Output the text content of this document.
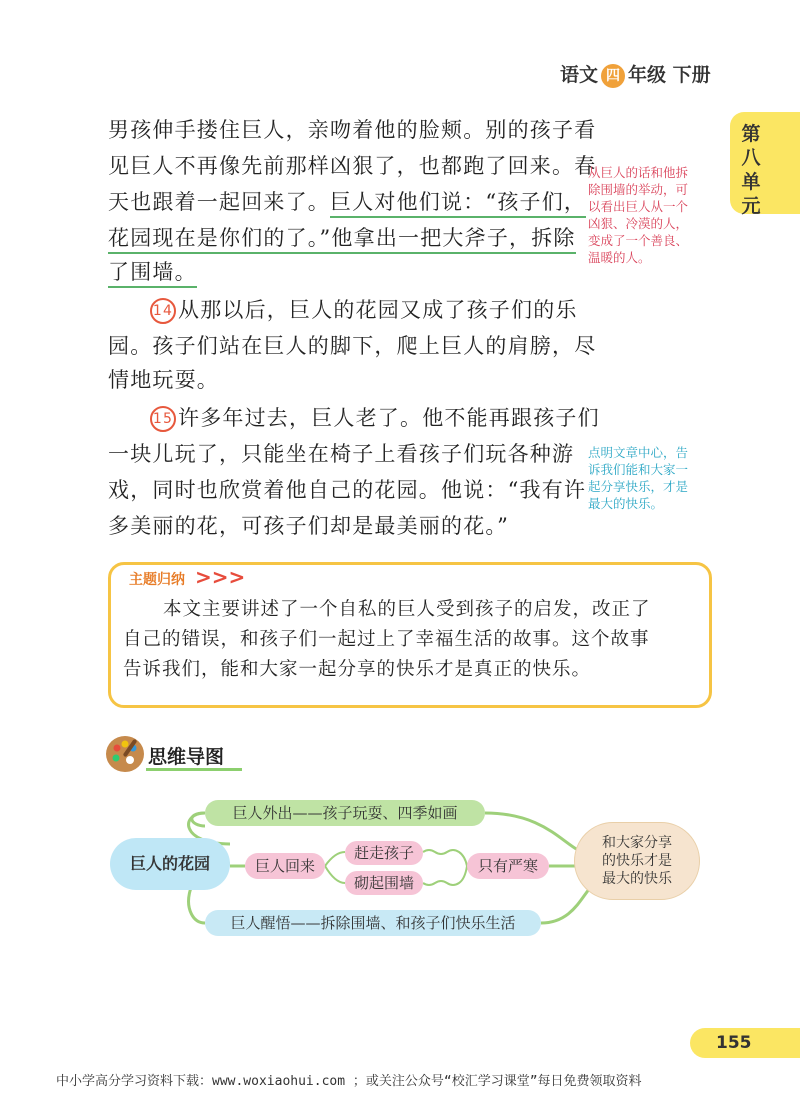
语文 四 年级 下册
第八单元
男孩伸手搂住巨人，亲吻着他的脸颊。别的孩子看
见巨人不再像先前那样凶狠了，也都跑了回来。春
天也跟着一起回来了。巨人对他们说：“孩子们，
花园现在是你们的了。”他拿出一把大斧子，拆除
了围墙。
14 从那以后，巨人的花园又成了孩子们的乐
园。孩子们站在巨人的脚下，爬上巨人的肩膀，尽
情地玩耍。
15 许多年过去，巨人老了。他不能再跟孩子们
一块儿玩了，只能坐在椅子上看孩子们玩各种游
戏，同时也欣赏着他自己的花园。他说：“我有许
多美丽的花，可孩子们却是最美丽的花。”
从巨人的话和他拆
除围墙的举动，可
以看出巨人从一个
凶狠、冷漠的人，
变成了一个善良、
温暖的人。
点明文章中心，告
诉我们能和大家一
起分享快乐，才是
最大的快乐。
主题归纳 >>>
本文主要讲述了一个自私的巨人受到孩子的启发，改正了
自己的错误，和孩子们一起过上了幸福生活的故事。这个故事
告诉我们，能和大家一起分享的快乐才是真正的快乐。
思维导图
巨人的花园
巨人外出——孩子玩耍、四季如画
巨人回来
赶走孩子
砌起围墙
只有严寒
巨人醒悟——拆除围墙、和孩子们快乐生活
和大家分享
的快乐才是
最大的快乐
155
中小学高分学习资料下载：www.woxiaohui.com ；或关注公众号“校汇学习课堂”每日免费领取资料
